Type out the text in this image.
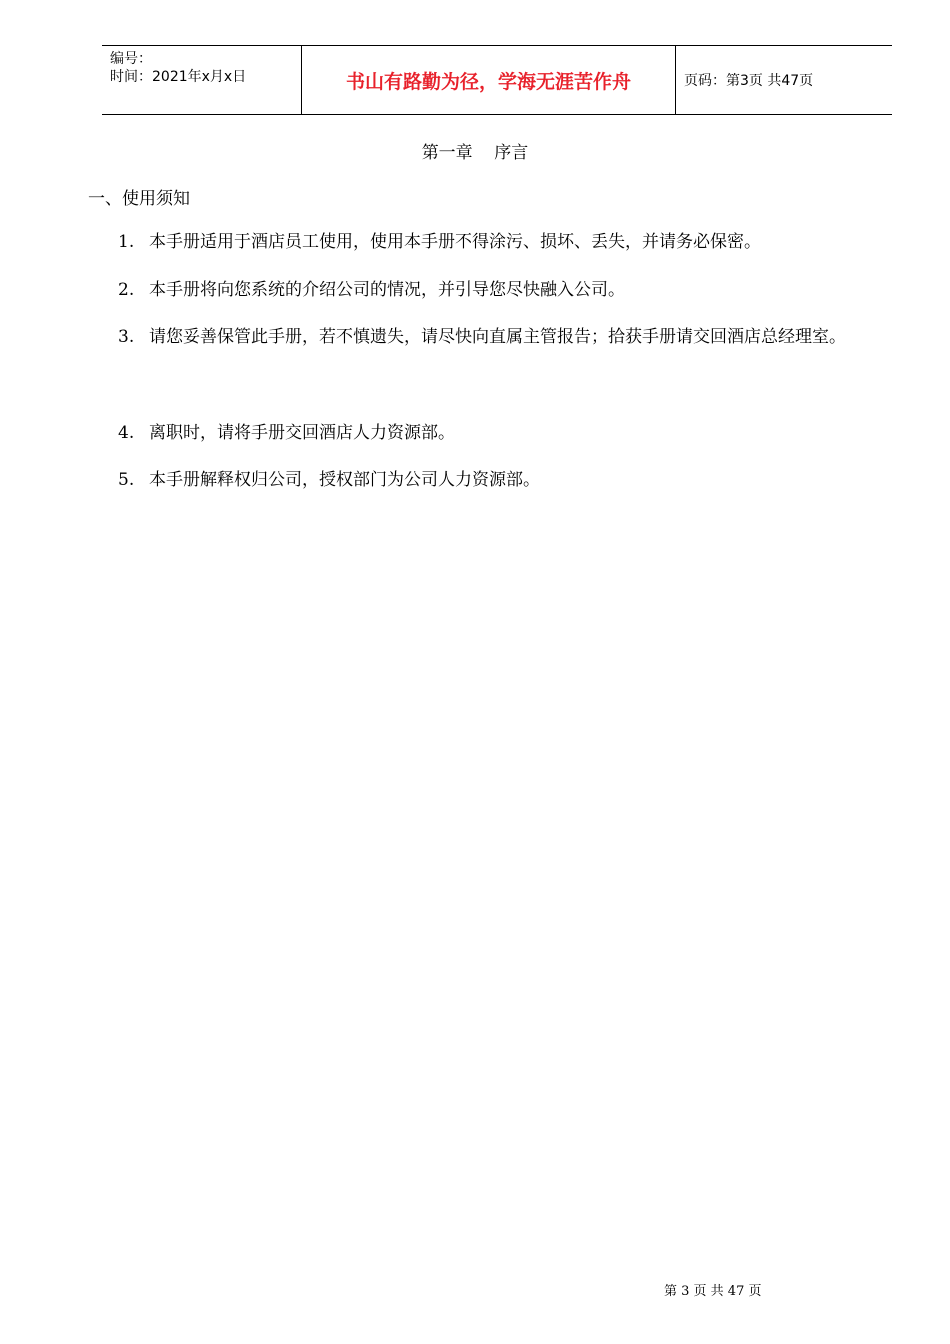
编号：
时间：2021年x月x日	书山有路勤为径，学海无涯苦作舟	页码：第3页 共47页
第一章    序言
一、使用须知
1. 本手册适用于酒店员工使用，使用本手册不得涂污、损坏、丢失，并请务必保密。
2. 本手册将向您系统的介绍公司的情况，并引导您尽快融入公司。
3. 请您妥善保管此手册，若不慎遗失，请尽快向直属主管报告；拾获手册请交回酒店总经理室。
4. 离职时，请将手册交回酒店人力资源部。
5. 本手册解释权归公司，授权部门为公司人力资源部。
第 3 页 共 47 页
